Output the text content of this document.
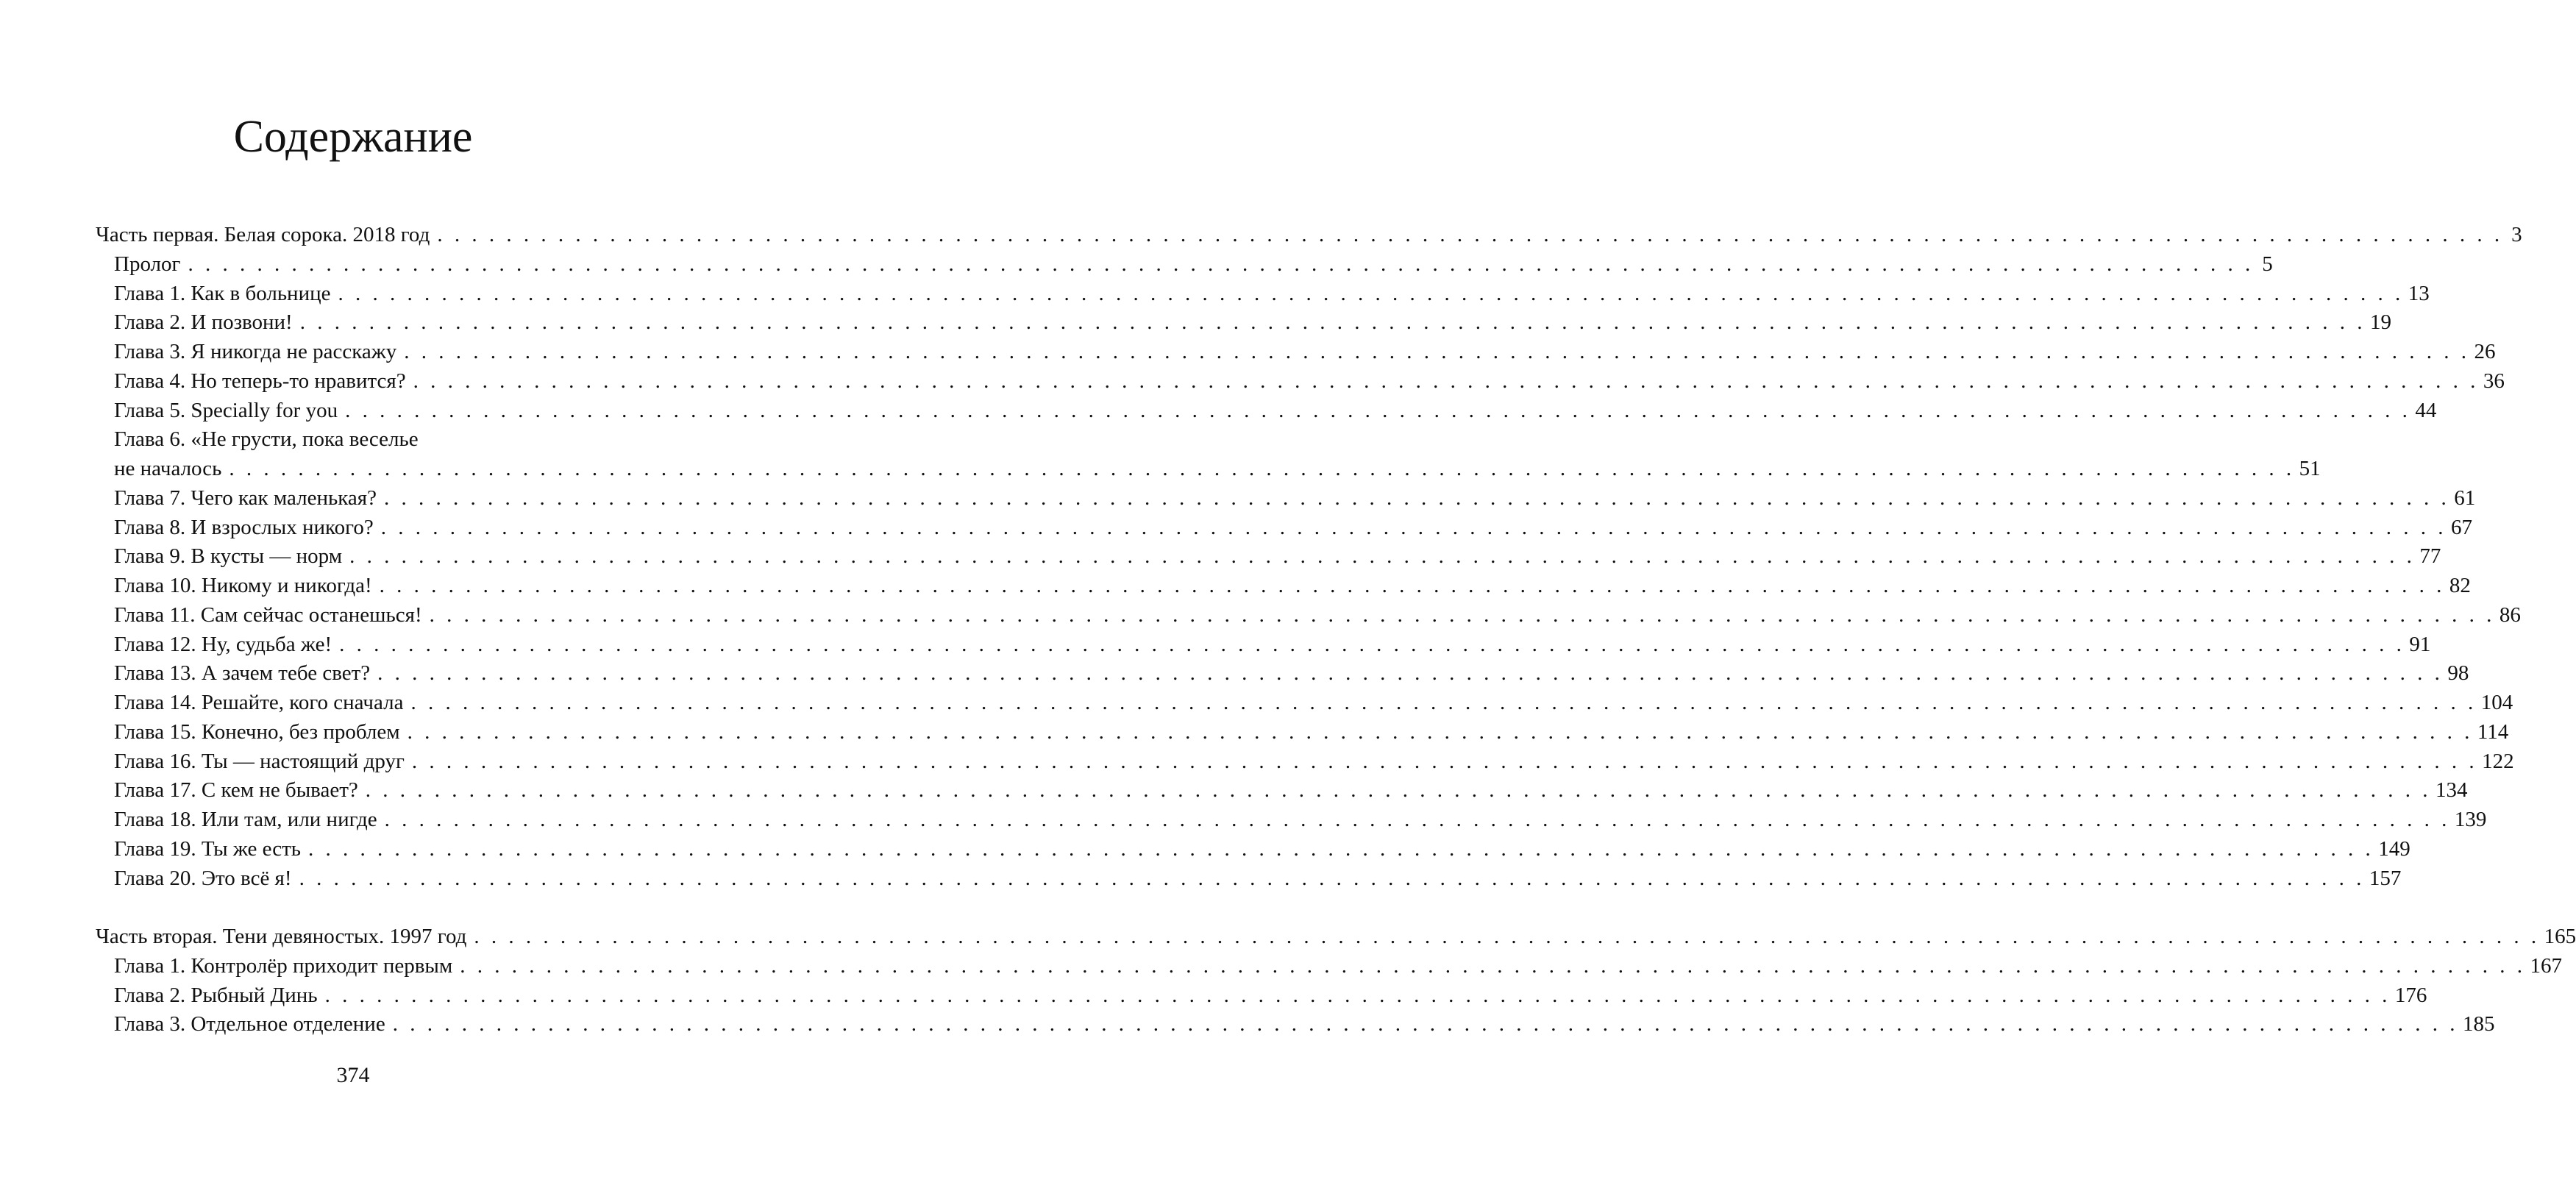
Содержание
Часть первая. Белая сорока. 2018 год . . . . . . . . . . . . . . . . . . . . . . . . . . . . . . . . . . . . . . . . . . . . . . . . . . . . . . . . . . . . . . . . . . . . . . . . . . . . . . . . . . . . . . . . . . . . . . . . . . . . . . . . . . . . . . . . . . . . . . . . 3
Пролог . . . . . . . . . . . . . . . . . . . . . . . . . . . . . . . . . . . . . . . . . . . . . . . . . . . . . . . . . . . . . . . . . . . . . . . . . . . . . . . . . . . . . . . . . . . . . . . . . . . . . . . . . . . . . . . . . . . . . . . . 5
Глава 1. Как в больнице . . . . . . . . . . . . . . . . . . . . . . . . . . . . . . . . . . . . . . . . . . . . . . . . . . . . . . . . . . . . . . . . . . . . . . . . . . . . . . . . . . . . . . . . . . . . . . . . . . . . . . . . . . . . . . . . . . . . . . . . 13
Глава 2. И позвони! . . . . . . . . . . . . . . . . . . . . . . . . . . . . . . . . . . . . . . . . . . . . . . . . . . . . . . . . . . . . . . . . . . . . . . . . . . . . . . . . . . . . . . . . . . . . . . . . . . . . . . . . . . . . . . . . . . . . . . . . 19
Глава 3. Я никогда не расскажу . . . . . . . . . . . . . . . . . . . . . . . . . . . . . . . . . . . . . . . . . . . . . . . . . . . . . . . . . . . . . . . . . . . . . . . . . . . . . . . . . . . . . . . . . . . . . . . . . . . . . . . . . . . . . . . . . . . . . . . . 26
Глава 4. Но теперь-то нравится? . . . . . . . . . . . . . . . . . . . . . . . . . . . . . . . . . . . . . . . . . . . . . . . . . . . . . . . . . . . . . . . . . . . . . . . . . . . . . . . . . . . . . . . . . . . . . . . . . . . . . . . . . . . . . . . . . . . . . . . . 36
Глава 5. Specially for you . . . . . . . . . . . . . . . . . . . . . . . . . . . . . . . . . . . . . . . . . . . . . . . . . . . . . . . . . . . . . . . . . . . . . . . . . . . . . . . . . . . . . . . . . . . . . . . . . . . . . . . . . . . . . . . . . . . . . . . . 44
Глава 6. «Не грусти, пока веселье
не началось . . . . . . . . . . . . . . . . . . . . . . . . . . . . . . . . . . . . . . . . . . . . . . . . . . . . . . . . . . . . . . . . . . . . . . . . . . . . . . . . . . . . . . . . . . . . . . . . . . . . . . . . . . . . . . . . . . . . . . . . 51
Глава 7. Чего как маленькая? . . . . . . . . . . . . . . . . . . . . . . . . . . . . . . . . . . . . . . . . . . . . . . . . . . . . . . . . . . . . . . . . . . . . . . . . . . . . . . . . . . . . . . . . . . . . . . . . . . . . . . . . . . . . . . . . . . . . . . . . 61
Глава 8. И взрослых никого? . . . . . . . . . . . . . . . . . . . . . . . . . . . . . . . . . . . . . . . . . . . . . . . . . . . . . . . . . . . . . . . . . . . . . . . . . . . . . . . . . . . . . . . . . . . . . . . . . . . . . . . . . . . . . . . . . . . . . . . . 67
Глава 9. В кусты — норм . . . . . . . . . . . . . . . . . . . . . . . . . . . . . . . . . . . . . . . . . . . . . . . . . . . . . . . . . . . . . . . . . . . . . . . . . . . . . . . . . . . . . . . . . . . . . . . . . . . . . . . . . . . . . . . . . . . . . . . . 77
Глава 10. Никому и никогда! . . . . . . . . . . . . . . . . . . . . . . . . . . . . . . . . . . . . . . . . . . . . . . . . . . . . . . . . . . . . . . . . . . . . . . . . . . . . . . . . . . . . . . . . . . . . . . . . . . . . . . . . . . . . . . . . . . . . . . . . 82
Глава 11. Сам сейчас останешься! . . . . . . . . . . . . . . . . . . . . . . . . . . . . . . . . . . . . . . . . . . . . . . . . . . . . . . . . . . . . . . . . . . . . . . . . . . . . . . . . . . . . . . . . . . . . . . . . . . . . . . . . . . . . . . . . . . . . . . . . 86
Глава 12. Ну, судьба же! . . . . . . . . . . . . . . . . . . . . . . . . . . . . . . . . . . . . . . . . . . . . . . . . . . . . . . . . . . . . . . . . . . . . . . . . . . . . . . . . . . . . . . . . . . . . . . . . . . . . . . . . . . . . . . . . . . . . . . . . 91
Глава 13. А зачем тебе свет? . . . . . . . . . . . . . . . . . . . . . . . . . . . . . . . . . . . . . . . . . . . . . . . . . . . . . . . . . . . . . . . . . . . . . . . . . . . . . . . . . . . . . . . . . . . . . . . . . . . . . . . . . . . . . . . . . . . . . . . . 98
Глава 14. Решайте, кого сначала . . . . . . . . . . . . . . . . . . . . . . . . . . . . . . . . . . . . . . . . . . . . . . . . . . . . . . . . . . . . . . . . . . . . . . . . . . . . . . . . . . . . . . . . . . . . . . . . . . . . . . . . . . . . . . . . . . . . . . . . 104
Глава 15. Конечно, без проблем . . . . . . . . . . . . . . . . . . . . . . . . . . . . . . . . . . . . . . . . . . . . . . . . . . . . . . . . . . . . . . . . . . . . . . . . . . . . . . . . . . . . . . . . . . . . . . . . . . . . . . . . . . . . . . . . . . . . . . . . 114
Глава 16. Ты — настоящий друг . . . . . . . . . . . . . . . . . . . . . . . . . . . . . . . . . . . . . . . . . . . . . . . . . . . . . . . . . . . . . . . . . . . . . . . . . . . . . . . . . . . . . . . . . . . . . . . . . . . . . . . . . . . . . . . . . . . . . . . . 122
Глава 17. С кем не бывает? . . . . . . . . . . . . . . . . . . . . . . . . . . . . . . . . . . . . . . . . . . . . . . . . . . . . . . . . . . . . . . . . . . . . . . . . . . . . . . . . . . . . . . . . . . . . . . . . . . . . . . . . . . . . . . . . . . . . . . . . 134
Глава 18. Или там, или нигде . . . . . . . . . . . . . . . . . . . . . . . . . . . . . . . . . . . . . . . . . . . . . . . . . . . . . . . . . . . . . . . . . . . . . . . . . . . . . . . . . . . . . . . . . . . . . . . . . . . . . . . . . . . . . . . . . . . . . . . . 139
Глава 19. Ты же есть . . . . . . . . . . . . . . . . . . . . . . . . . . . . . . . . . . . . . . . . . . . . . . . . . . . . . . . . . . . . . . . . . . . . . . . . . . . . . . . . . . . . . . . . . . . . . . . . . . . . . . . . . . . . . . . . . . . . . . . . 149
Глава 20. Это всё я! . . . . . . . . . . . . . . . . . . . . . . . . . . . . . . . . . . . . . . . . . . . . . . . . . . . . . . . . . . . . . . . . . . . . . . . . . . . . . . . . . . . . . . . . . . . . . . . . . . . . . . . . . . . . . . . . . . . . . . . . 157
Часть вторая. Тени девяностых. 1997 год . . . . . . . . . . . . . . . . . . . . . . . . . . . . . . . . . . . . . . . . . . . . . . . . . . . . . . . . . . . . . . . . . . . . . . . . . . . . . . . . . . . . . . . . . . . . . . . . . . . . . . . . . . . . . . . . . . . . . . . . 165
Глава 1. Контролёр приходит первым . . . . . . . . . . . . . . . . . . . . . . . . . . . . . . . . . . . . . . . . . . . . . . . . . . . . . . . . . . . . . . . . . . . . . . . . . . . . . . . . . . . . . . . . . . . . . . . . . . . . . . . . . . . . . . . . . . . . . . . . 167
Глава 2. Рыбный Динь . . . . . . . . . . . . . . . . . . . . . . . . . . . . . . . . . . . . . . . . . . . . . . . . . . . . . . . . . . . . . . . . . . . . . . . . . . . . . . . . . . . . . . . . . . . . . . . . . . . . . . . . . . . . . . . . . . . . . . . . 176
Глава 3. Отдельное отделение . . . . . . . . . . . . . . . . . . . . . . . . . . . . . . . . . . . . . . . . . . . . . . . . . . . . . . . . . . . . . . . . . . . . . . . . . . . . . . . . . . . . . . . . . . . . . . . . . . . . . . . . . . . . . . . . . . . . . . . . 185
374
